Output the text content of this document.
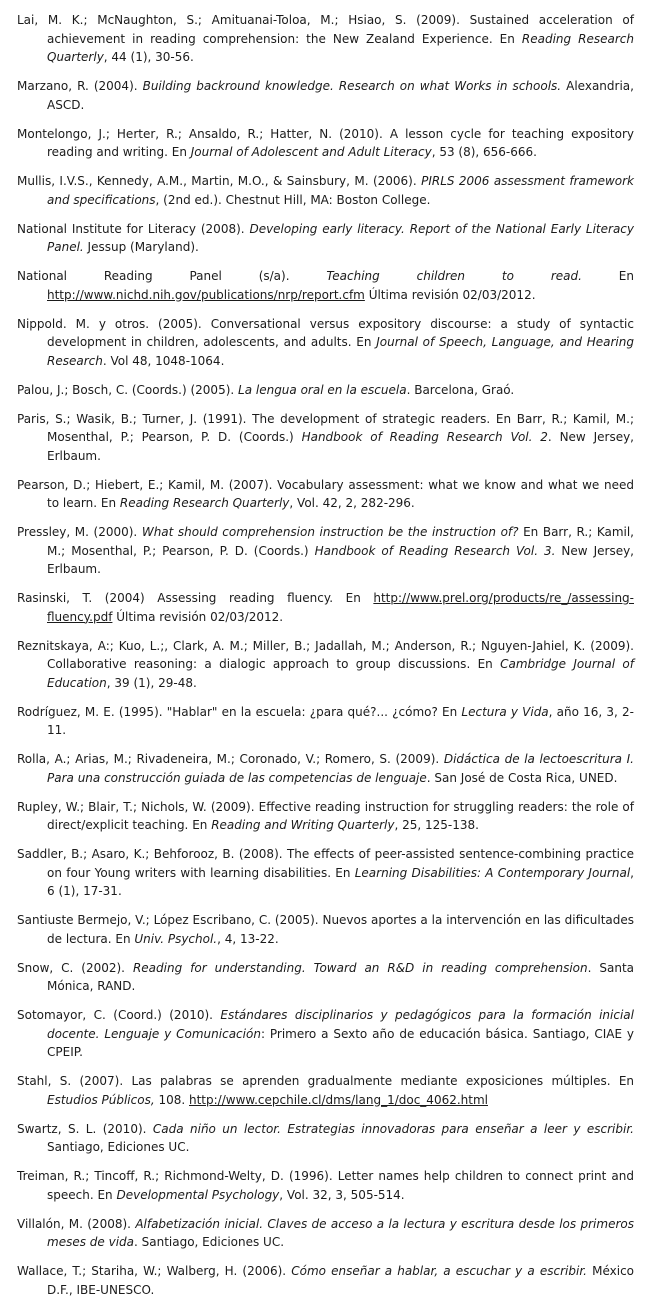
Lai, M. K.; McNaughton, S.; Amituanai-Toloa, M.; Hsiao, S. (2009). Sustained acceleration of achievement in reading comprehension: the New Zealand Experience. En Reading Research Quarterly, 44 (1), 30-56.

Marzano, R. (2004). Building backround knowledge. Research on what Works in schools. Alexandria, ASCD.

Montelongo, J.; Herter, R.; Ansaldo, R.; Hatter, N. (2010). A lesson cycle for teaching expository reading and writing. En Journal of Adolescent and Adult Literacy, 53 (8), 656-666.

Mullis, I.V.S., Kennedy, A.M., Martin, M.O., & Sainsbury, M. (2006). PIRLS 2006 assessment framework and specifications, (2nd ed.). Chestnut Hill, MA: Boston College.

National Institute for Literacy (2008). Developing early literacy. Report of the National Early Literacy Panel. Jessup (Maryland).

National Reading Panel (s/a). Teaching children to read. En http://www.nichd.nih.gov/publications/nrp/report.cfm Última revisión 02/03/2012.

Nippold. M. y otros. (2005). Conversational versus expository discourse: a study of syntactic development in children, adolescents, and adults. En Journal of Speech, Language, and Hearing Research. Vol 48, 1048-1064.

Palou, J.; Bosch, C. (Coords.) (2005). La lengua oral en la escuela. Barcelona, Graó.

Paris, S.; Wasik, B.; Turner, J. (1991). The development of strategic readers. En Barr, R.; Kamil, M.; Mosenthal, P.; Pearson, P. D. (Coords.) Handbook of Reading Research Vol. 2. New Jersey, Erlbaum.

Pearson, D.; Hiebert, E.; Kamil, M. (2007). Vocabulary assessment: what we know and what we need to learn. En Reading Research Quarterly, Vol. 42, 2, 282-296.

Pressley, M. (2000). What should comprehension instruction be the instruction of? En Barr, R.; Kamil, M.; Mosenthal, P.; Pearson, P. D. (Coords.) Handbook of Reading Research Vol. 3. New Jersey, Erlbaum.

Rasinski, T. (2004) Assessing reading fluency. En http://www.prel.org/products/re_/assessing-fluency.pdf Última revisión 02/03/2012.

Reznitskaya, A:; Kuo, L.;, Clark, A. M.; Miller, B.; Jadallah, M.; Anderson, R.; Nguyen-Jahiel, K. (2009). Collaborative reasoning: a dialogic approach to group discussions. En Cambridge Journal of Education, 39 (1), 29-48.

Rodríguez, M. E. (1995). "Hablar" en la escuela: ¿para qué?... ¿cómo? En Lectura y Vida, año 16, 3, 2-11.

Rolla, A.; Arias, M.; Rivadeneira, M.; Coronado, V.; Romero, S. (2009). Didáctica de la lectoescritura I. Para una construcción guiada de las competencias de lenguaje. San José de Costa Rica, UNED.

Rupley, W.; Blair, T.; Nichols, W. (2009). Effective reading instruction for struggling readers: the role of direct/explicit teaching. En Reading and Writing Quarterly, 25, 125-138.

Saddler, B.; Asaro, K.; Behforooz, B. (2008). The effects of peer-assisted sentence-combining practice on four Young writers with learning disabilities. En Learning Disabilities: A Contemporary Journal, 6 (1), 17-31.

Santiuste Bermejo, V.; López Escribano, C. (2005). Nuevos aportes a la intervención en las dificultades de lectura. En Univ. Psychol., 4, 13-22.

Snow, C. (2002). Reading for understanding. Toward an R&D in reading comprehension. Santa Mónica, RAND.

Sotomayor, C. (Coord.) (2010). Estándares disciplinarios y pedagógicos para la formación inicial docente. Lenguaje y Comunicación: Primero a Sexto año de educación básica. Santiago, CIAE y CPEIP.

Stahl, S. (2007). Las palabras se aprenden gradualmente mediante exposiciones múltiples. En Estudios Públicos, 108. http://www.cepchile.cl/dms/lang_1/doc_4062.html

Swartz, S. L. (2010). Cada niño un lector. Estrategias innovadoras para enseñar a leer y escribir. Santiago, Ediciones UC.

Treiman, R.; Tincoff, R.; Richmond-Welty, D. (1996). Letter names help children to connect print and speech. En Developmental Psychology, Vol. 32, 3, 505-514.

Villalón, M. (2008). Alfabetización inicial. Claves de acceso a la lectura y escritura desde los primeros meses de vida. Santiago, Ediciones UC.

Wallace, T.; Stariha, W.; Walberg, H. (2006). Cómo enseñar a hablar, a escuchar y a escribir. México D.F., IBE-UNESCO.
